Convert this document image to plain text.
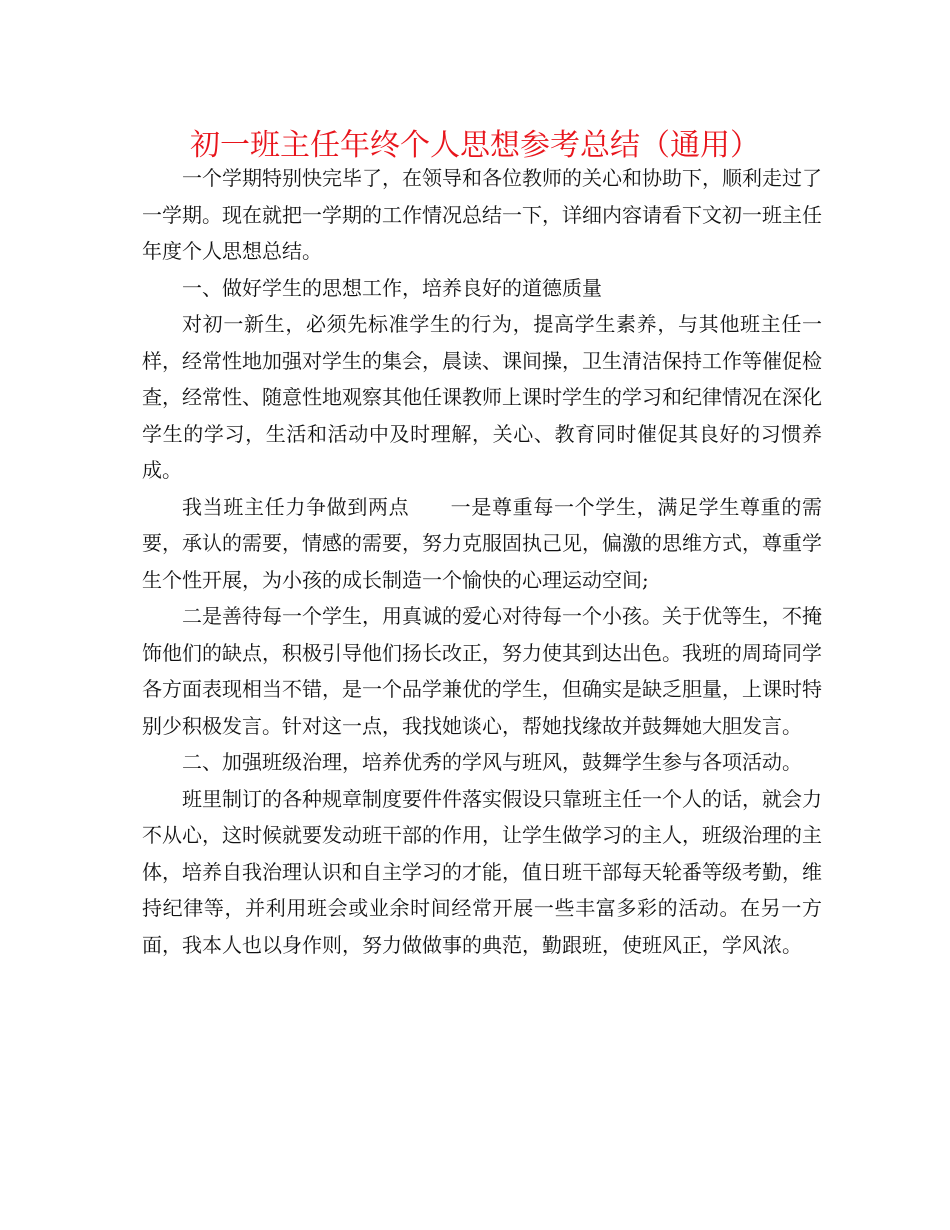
初一班主任年终个人思想参考总结（通用）

一个学期特别快完毕了，在领导和各位教师的关心和协助下，顺利走过了一学期。现在就把一学期的工作情况总结一下，详细内容请看下文初一班主任年度个人思想总结。

一、做好学生的思想工作，培养良好的道德质量

对初一新生，必须先标准学生的行为，提高学生素养，与其他班主任一样，经常性地加强对学生的集会，晨读、课间操，卫生清洁保持工作等催促检查，经常性、随意性地观察其他任课教师上课时学生的学习和纪律情况在深化学生的学习，生活和活动中及时理解，关心、教育同时催促其良好的习惯养成。

我当班主任力争做到两点　　一是尊重每一个学生，满足学生尊重的需要，承认的需要，情感的需要，努力克服固执己见，偏激的思维方式，尊重学生个性开展，为小孩的成长制造一个愉快的心理运动空间;

二是善待每一个学生，用真诚的爱心对待每一个小孩。关于优等生，不掩饰他们的缺点，积极引导他们扬长改正，努力使其到达出色。我班的周琦同学各方面表现相当不错，是一个品学兼优的学生，但确实是缺乏胆量，上课时特别少积极发言。针对这一点，我找她谈心，帮她找缘故并鼓舞她大胆发言。

二、加强班级治理，培养优秀的学风与班风，鼓舞学生参与各项活动。

班里制订的各种规章制度要件件落实假设只靠班主任一个人的话，就会力不从心，这时候就要发动班干部的作用，让学生做学习的主人，班级治理的主体，培养自我治理认识和自主学习的才能，值日班干部每天轮番等级考勤，维持纪律等，并利用班会或业余时间经常开展一些丰富多彩的活动。在另一方面，我本人也以身作则，努力做做事的典范，勤跟班，使班风正，学风浓。
